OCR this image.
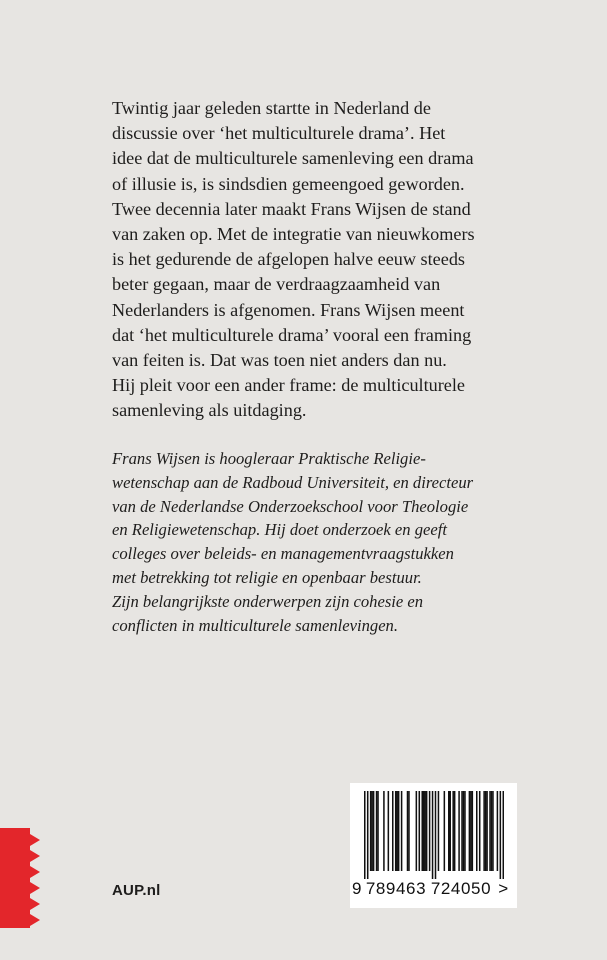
Twintig jaar geleden startte in Nederland de
discussie over ‘het multiculturele drama’. Het
idee dat de multiculturele samenleving een drama
of illusie is, is sindsdien gemeengoed geworden.
Twee decennia later maakt Frans Wijsen de stand
van zaken op. Met de integratie van nieuwkomers
is het gedurende de afgelopen halve eeuw steeds
beter gegaan, maar de verdraagzaamheid van
Nederlanders is afgenomen. Frans Wijsen meent
dat ‘het multiculturele drama’ vooral een framing
van feiten is. Dat was toen niet anders dan nu.
Hij pleit voor een ander frame: de multiculturele
samenleving als uitdaging.
Frans Wijsen is hoogleraar Praktische Religie-
wetenschap aan de Radboud Universiteit, en directeur
van de Nederlandse Onderzoekschool voor Theologie
en Religiewetenschap. Hij doet onderzoek en geeft
colleges over beleids- en managementvraagstukken
met betrekking tot religie en openbaar bestuur.
Zijn belangrijkste onderwerpen zijn cohesie en
conflicten in multiculturele samenlevingen.
AUP.nl	9 789463 724050 >
